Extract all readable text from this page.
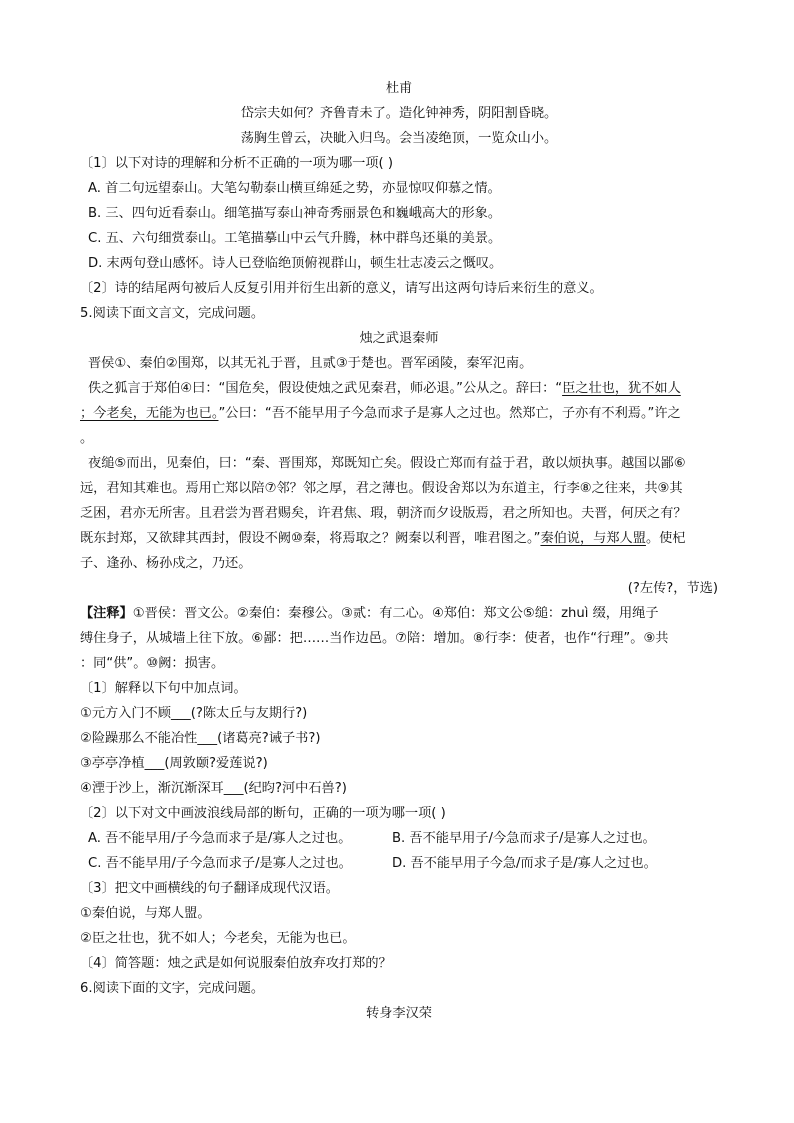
杜甫
岱宗夫如何？齐鲁青未了。造化钟神秀，阴阳割昏晓。
荡胸生曾云，决眦入归鸟。会当凌绝顶，一览众山小。
〔1〕以下对诗的理解和分析不正确的一项为哪一项( )
A. 首二句远望泰山。大笔勾勒泰山横亘绵延之势，亦显惊叹仰慕之情。
B. 三、四句近看泰山。细笔描写泰山神奇秀丽景色和巍峨高大的形象。
C. 五、六句细赏泰山。工笔描摹山中云气升腾，林中群鸟还巢的美景。
D. 末两句登山感怀。诗人已登临绝顶俯视群山，顿生壮志凌云之慨叹。
〔2〕诗的结尾两句被后人反复引用并衍生出新的意义，请写出这两句诗后来衍生的意义。
5.阅读下面文言文，完成问题。
烛之武退秦师
晋侯①、秦伯②围郑，以其无礼于晋，且贰③于楚也。晋军函陵，秦军氾南。
佚之狐言于郑伯④曰：“国危矣，假设使烛之武见秦君，师必退。”公从之。辞曰：“臣之壮也，犹不如人
；今老矣，无能为也已。”公曰：“吾不能早用子今急而求子是寡人之过也。然郑亡，子亦有不利焉。”许之
。
夜缒⑤而出，见秦伯，曰：“秦、晋围郑，郑既知亡矣。假设亡郑而有益于君，敢以烦执事。越国以鄙⑥
远，君知其难也。焉用亡郑以陪⑦邻？邻之厚，君之薄也。假设舍郑以为东道主，行李⑧之往来，共⑨其
乏困，君亦无所害。且君尝为晋君赐矣，许君焦、瑕，朝济而夕设版焉，君之所知也。夫晋，何厌之有？
既东封郑，又欲肆其西封，假设不阙⑩秦，将焉取之？阙秦以利晋，唯君图之。”秦伯说，与郑人盟。使杞
子、逢孙、杨孙戍之，乃还。
(?左传?，节选)
【注释】①晋侯：晋文公。②秦伯：秦穆公。③贰：有二心。④郑伯：郑文公⑤缒：zhuì 缀，用绳子
缚住身子，从城墙上往下放。⑥鄙：把……当作边邑。⑦陪：增加。⑧行李：使者，也作“行理”。⑨共
：同“供”。⑩阙：损害。
〔1〕解释以下句中加点词。
①元方入门不顾___(?陈太丘与友期行?)
②险躁那么不能冶性___(诸葛亮?诫子书?)
③亭亭净植___(周敦颐?爱莲说?)
④湮于沙上，渐沉渐深耳___(纪昀?河中石兽?)
〔2〕以下对文中画波浪线局部的断句，正确的一项为哪一项( )
A. 吾不能早用/子今急而求子是/寡人之过也。	B. 吾不能早用子/今急而求子/是寡人之过也。
C. 吾不能早用/子今急而求子/是寡人之过也。	D. 吾不能早用子今急/而求子是/寡人之过也。
〔3〕把文中画横线的句子翻译成现代汉语。
①秦伯说，与郑人盟。
②臣之壮也，犹不如人；今老矣，无能为也已。
〔4〕简答题：烛之武是如何说服秦伯放弃攻打郑的？
6.阅读下面的文字，完成问题。
转身李汉荣
